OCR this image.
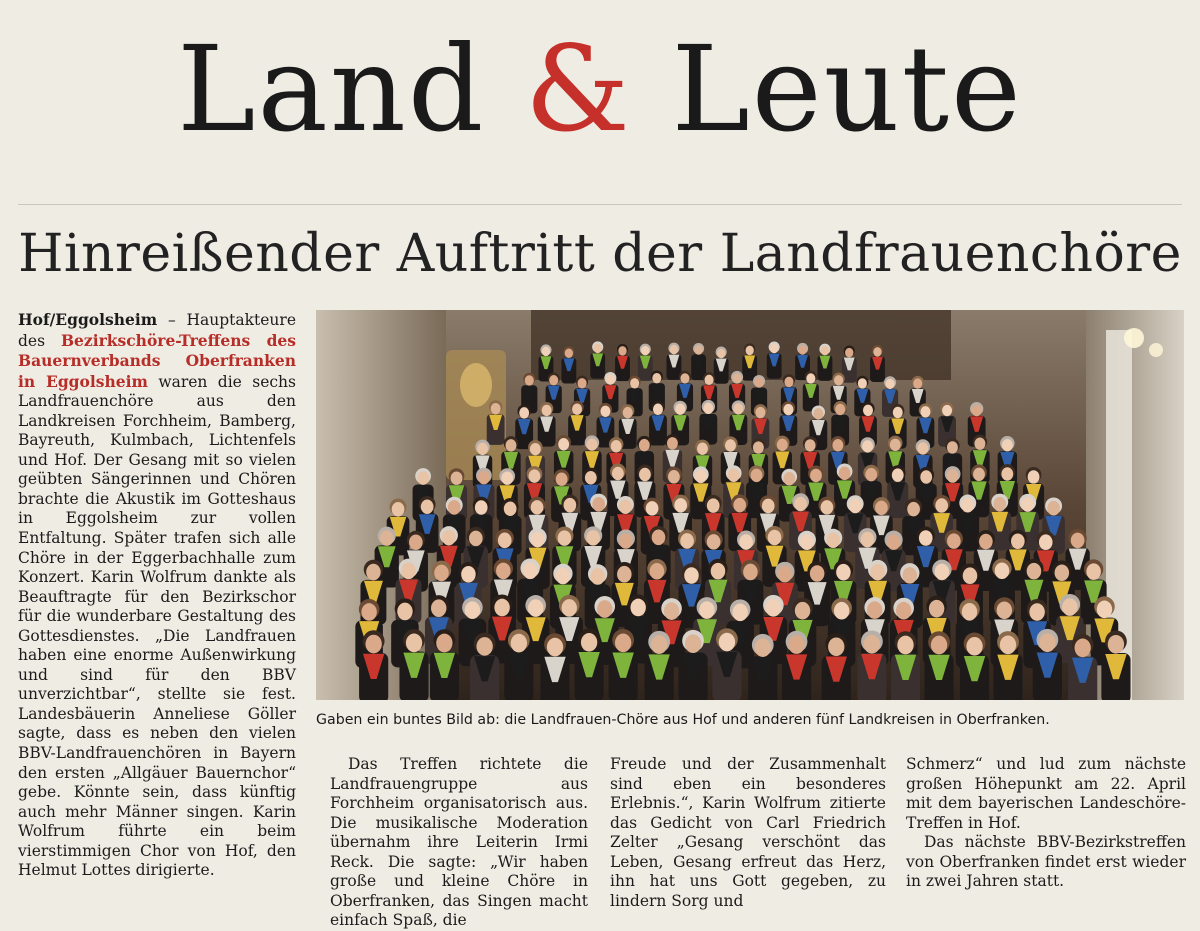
Land & Leute
Hinreißender Auftritt der Landfrauenchöre

Hof/Eggolsheim – Hauptakteure des Bezirkschöre-Treffens des Bauernverbands Oberfranken in Eggolsheim waren die sechs Landfrauenchöre aus den Landkreisen Forchheim, Bamberg, Bayreuth, Kulmbach, Lichtenfels und Hof. Der Gesang mit so vielen geübten Sängerinnen und Chören brachte die Akustik im Gotteshaus in Eggolsheim zur vollen Entfaltung. Später trafen sich alle Chöre in der Eggerbachhalle zum Konzert. Karin Wolfrum dankte als Beauftragte für den Bezirkschor für die wunderbare Gestaltung des Gottesdienstes. „Die Landfrauen haben eine enorme Außenwirkung und sind für den BBV unverzichtbar“, stellte sie fest. Landesbäuerin Anneliese Göller sagte, dass es neben den vielen BBV-Landfrauenchören in Bayern den ersten „Allgäuer Bauernchor“ gebe. Könnte sein, dass künftig auch mehr Männer singen. Karin Wolfrum führte ein beim vierstimmigen Chor von Hof, den Helmut Lottes dirigierte.

Gaben ein buntes Bild ab: die Landfrauen-Chöre aus Hof und anderen fünf Landkreisen in Oberfranken.

Das Treffen richtete die Landfrauengruppe aus Forchheim organisatorisch aus. Die musikalische Moderation übernahm ihre Leiterin Irmi Reck. Die sagte: „Wir haben große und kleine Chöre in Oberfranken, das Singen macht einfach Spaß, die

Freude und der Zusammenhalt sind eben ein besonderes Erlebnis.“, Karin Wolfrum zitierte das Gedicht von Carl Friedrich Zelter „Gesang verschönt das Leben, Gesang erfreut das Herz, ihn hat uns Gott gegeben, zu lindern Sorg und

Schmerz“ und lud zum nächste großen Höhepunkt am 22. April mit dem bayerischen Landeschöre-Treffen in Hof.

Das nächste BBV-Bezirkstreffen von Oberfranken findet erst wieder in zwei Jahren statt.
